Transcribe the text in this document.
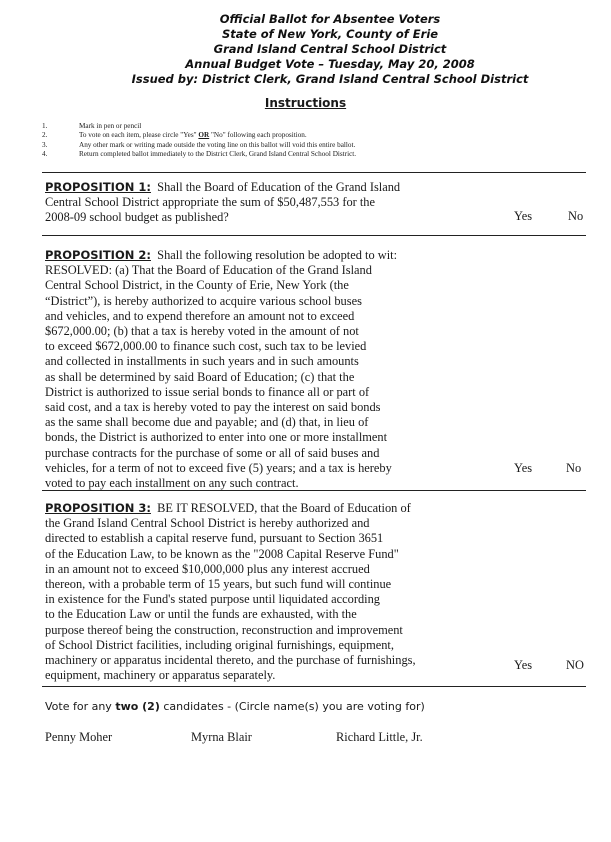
Official Ballot for Absentee Voters
State of New York, County of Erie
Grand Island Central School District
Annual Budget Vote – Tuesday, May 20, 2008
Issued by: District Clerk, Grand Island Central School District
Instructions
1.	Mark in pen or pencil
2.	To vote on each item, please circle "Yes" OR "No" following each proposition.
3.	Any other mark or writing made outside the voting line on this ballot will void this entire ballot.
4.	Return completed ballot immediately to the District Clerk, Grand Island Central School District.
PROPOSITION 1: Shall the Board of Education of the Grand Island
Central School District appropriate the sum of $50,487,553 for the
2008-09 school budget as published?	Yes	No
PROPOSITION 2: Shall the following resolution be adopted to wit:
RESOLVED: (a) That the Board of Education of the Grand Island
Central School District, in the County of Erie, New York (the
“District”), is hereby authorized to acquire various school buses
and vehicles, and to expend therefore an amount not to exceed
$672,000.00; (b) that a tax is hereby voted in the amount of not
to exceed $672,000.00 to finance such cost, such tax to be levied
and collected in installments in such years and in such amounts
as shall be determined by said Board of Education; (c) that the
District is authorized to issue serial bonds to finance all or part of
said cost, and a tax is hereby voted to pay the interest on said bonds
as the same shall become due and payable; and (d) that, in lieu of
bonds, the District is authorized to enter into one or more installment
purchase contracts for the purchase of some or all of said buses and
vehicles, for a term of not to exceed five (5) years; and a tax is hereby
voted to pay each installment on any such contract.
Yes	No
PROPOSITION 3: BE IT RESOLVED, that the Board of Education of
the Grand Island Central School District is hereby authorized and
directed to establish a capital reserve fund, pursuant to Section 3651
of the Education Law, to be known as the "2008 Capital Reserve Fund"
in an amount not to exceed $10,000,000 plus any interest accrued
thereon, with a probable term of 15 years, but such fund will continue
in existence for the Fund's stated purpose until liquidated according
to the Education Law or until the funds are exhausted, with the
purpose thereof being the construction, reconstruction and improvement
of School District facilities, including original furnishings, equipment,
machinery or apparatus incidental thereto, and the purchase of furnishings,
equipment, machinery or apparatus separately.
Yes	NO
Vote for any two (2) candidates - (Circle name(s) you are voting for)
Penny Moher	Myrna Blair	Richard Little, Jr.
